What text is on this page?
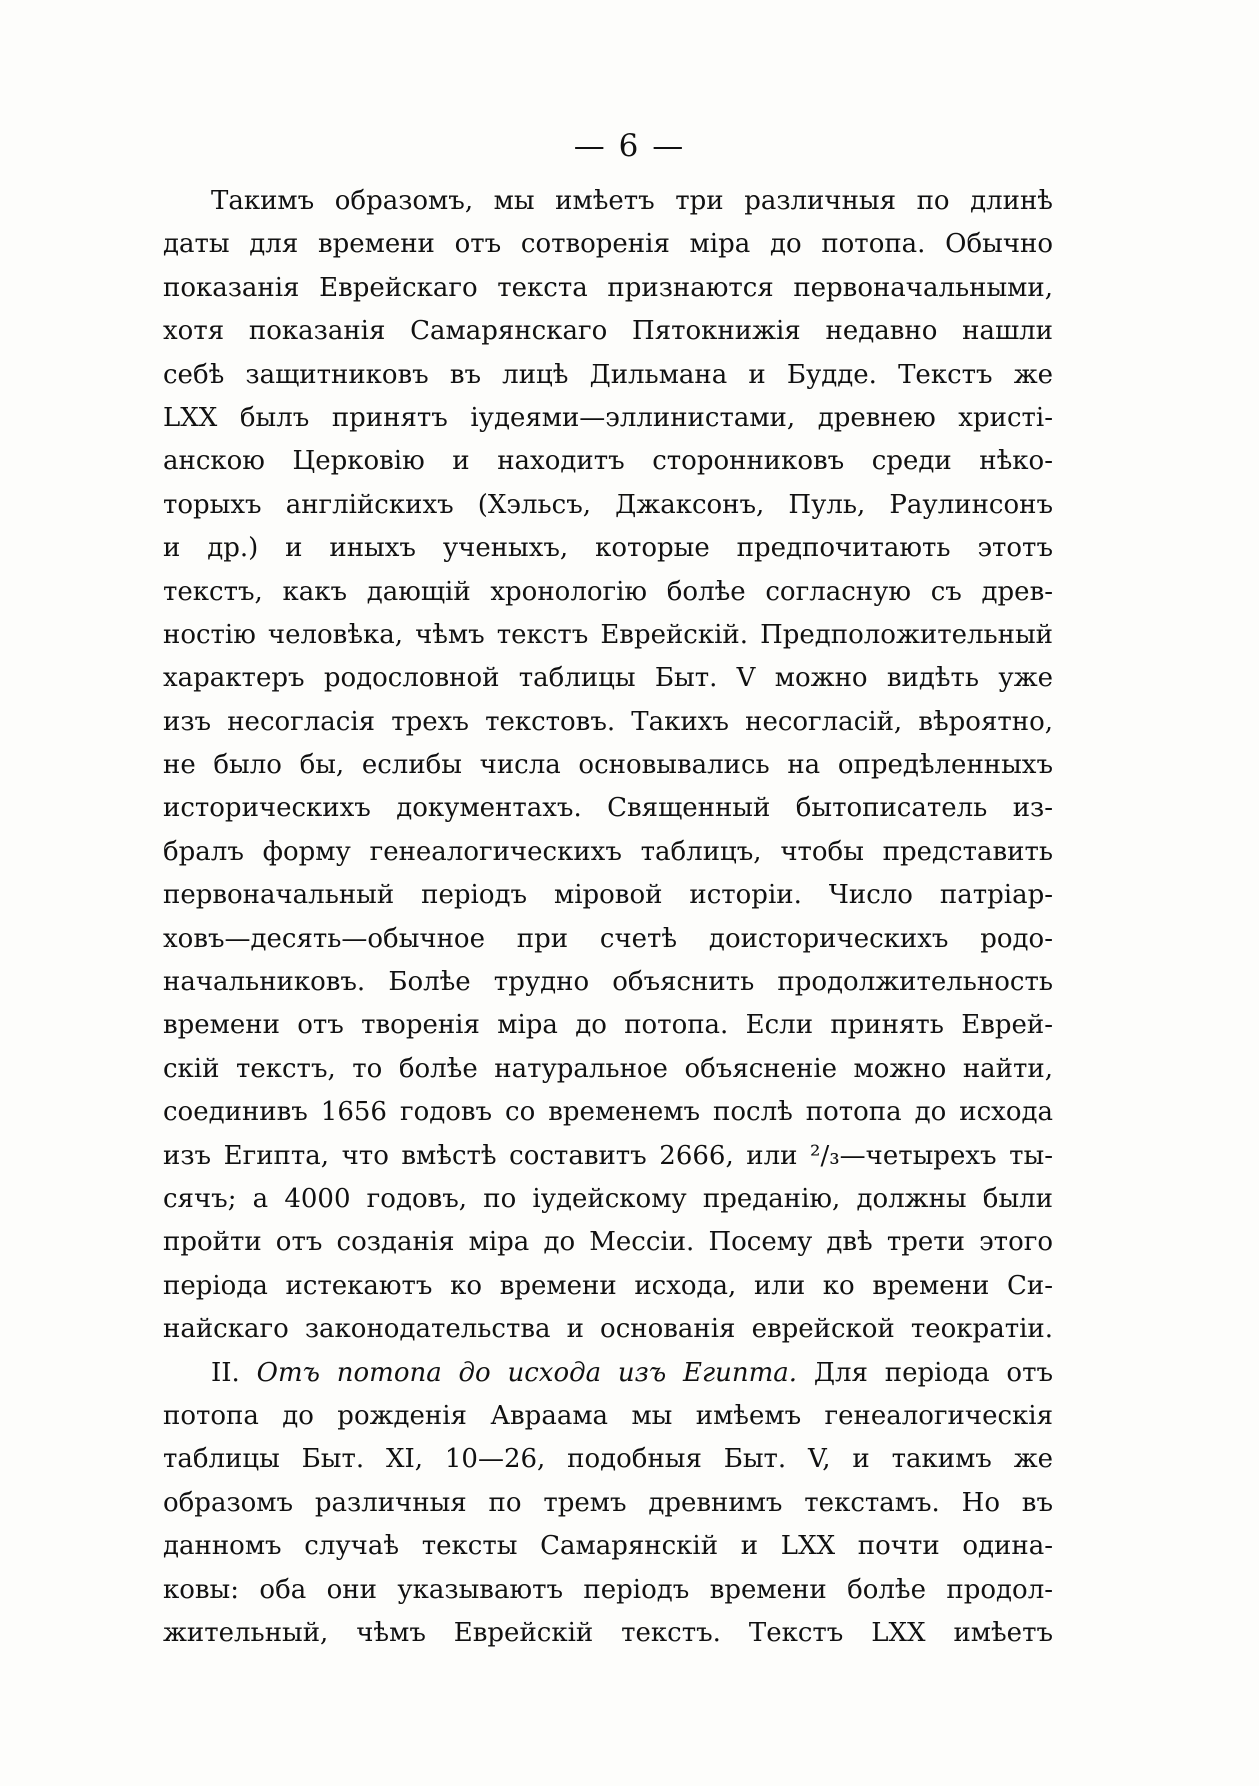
— 6 —
Такимъ образомъ, мы имѣетъ три различныя по длинѣ
даты для времени отъ сотворенія міра до потопа. Обычно
показанія Еврейскаго текста признаются первоначальными,
хотя показанія Самарянскаго Пятокнижія недавно нашли
себѣ защитниковъ въ лицѣ Дильмана и Будде. Текстъ же
LXX былъ принятъ іудеями—эллинистами, древнею христі-
анскою Церковію и находитъ сторонниковъ среди нѣко-
торыхъ англійскихъ (Хэльсъ, Джаксонъ, Пуль, Раулинсонъ
и др.) и иныхъ ученыхъ, которые предпочитають этотъ
текстъ, какъ дающій хронологію болѣе согласную съ древ-
ностію человѣка, чѣмъ текстъ Еврейскій. Предположительный
характеръ родословной таблицы Быт. V можно видѣть уже
изъ несогласія трехъ текстовъ. Такихъ несогласій, вѣроятно,
не было бы, еслибы числа основывались на опредѣленныхъ
историческихъ документахъ. Священный бытописатель из-
бралъ форму генеалогическихъ таблицъ, чтобы представить
первоначальный періодъ міровой исторіи. Число патріар-
ховъ—десять—обычное при счетѣ доисторическихъ родо-
начальниковъ. Болѣе трудно объяснить продолжительность
времени отъ творенія міра до потопа. Если принять Еврей-
скій текстъ, то болѣе натуральное объясненіе можно найти,
соединивъ 1656 годовъ со временемъ послѣ потопа до исхода
изъ Египта, что вмѣстѣ составитъ 2666, или ²/₃—четырехъ ты-
сячъ; а 4000 годовъ, по іудейскому преданію, должны были
пройти отъ созданія міра до Мессіи. Посему двѣ трети этого
періода истекаютъ ко времени исхода, или ко времени Си-
найскаго законодательства и основанія еврейской теократіи.
II. Отъ потопа до исхода изъ Египта. Для періода отъ
потопа до рожденія Авраама мы имѣемъ генеалогическія
таблицы Быт. XI, 10—26, подобныя Быт. V, и такимъ же
образомъ различныя по тремъ древнимъ текстамъ. Но въ
данномъ случаѣ тексты Самарянскій и LXX почти одина-
ковы: оба они указываютъ періодъ времени болѣе продол-
жительный, чѣмъ Еврейскій текстъ. Текстъ LXX имѣетъ
